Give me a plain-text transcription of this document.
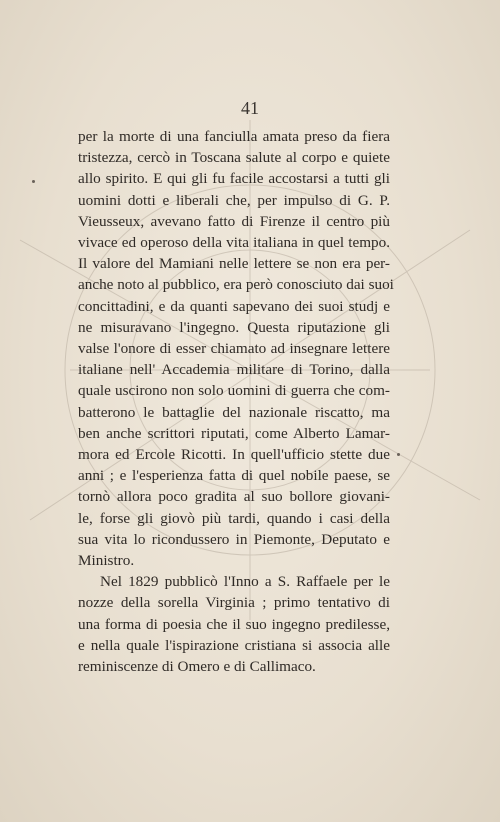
41
per la morte di una fanciulla amata preso da fiera
tristezza, cercò in Toscana salute al corpo e quiete
allo spirito. E qui gli fu facile accostarsi a tutti gli
uomini dotti e liberali che, per impulso di G. P.
Vieusseux, avevano fatto di Firenze il centro più
vivace ed operoso della vita italiana in quel tempo.
Il valore del Mamiani nelle lettere se non era per-
anche noto al pubblico, era però conosciuto dai suoi
concittadini, e da quanti sapevano dei suoi studj e
ne misuravano l'ingegno. Questa riputazione gli
valse l'onore di esser chiamato ad insegnare lettere
italiane nell' Accademia militare di Torino, dalla
quale uscirono non solo uomini di guerra che com-
batterono le battaglie del nazionale riscatto, ma
ben anche scrittori riputati, come Alberto Lamar-
mora ed Ercole Ricotti. In quell'ufficio stette due
anni ; e l'esperienza fatta di quel nobile paese, se
tornò allora poco gradita al suo bollore giovani-
le, forse gli giovò più tardi, quando i casi della
sua vita lo ricondussero in Piemonte, Deputato e
Ministro.
Nel 1829 pubblicò l'Inno a S. Raffaele per le
nozze della sorella Virginia ; primo tentativo di
una forma di poesia che il suo ingegno predilesse,
e nella quale l'ispirazione cristiana si associa alle
reminiscenze di Omero e di Callimaco.
